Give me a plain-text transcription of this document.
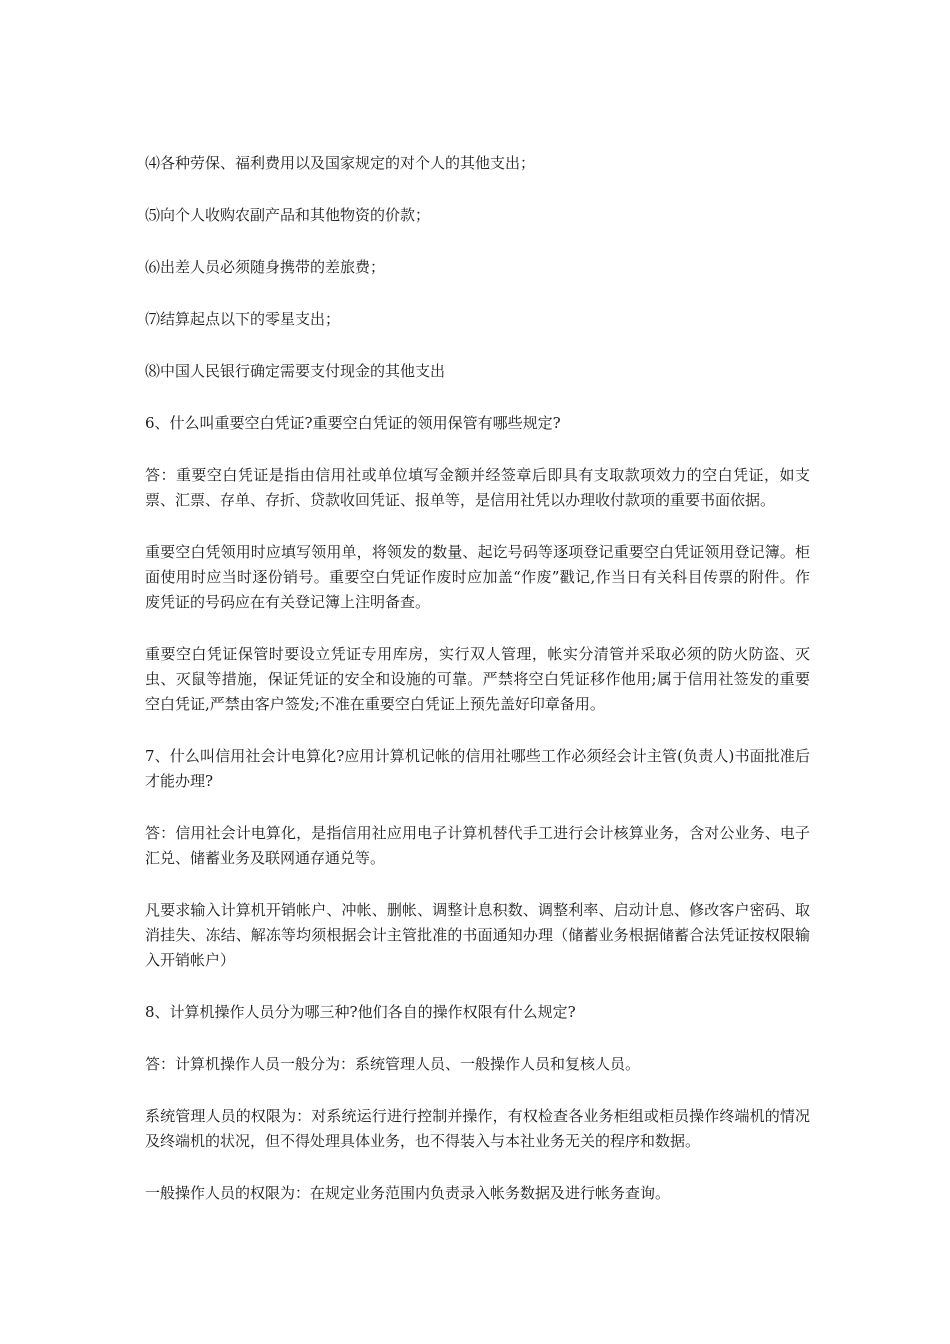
⑷各种劳保、福利费用以及国家规定的对个人的其他支出；

⑸向个人收购农副产品和其他物资的价款；

⑹出差人员必须随身携带的差旅费；

⑺结算起点以下的零星支出；

⑻中国人民银行确定需要支付现金的其他支出

6、什么叫重要空白凭证?重要空白凭证的领用保管有哪些规定?

答：重要空白凭证是指由信用社或单位填写金额并经签章后即具有支取款项效力的空白凭证，如支票、汇票、存单、存折、贷款收回凭证、报单等，是信用社凭以办理收付款项的重要书面依据。

重要空白凭领用时应填写领用单，将领发的数量、起讫号码等逐项登记重要空白凭证领用登记簿。柜面使用时应当时逐份销号。重要空白凭证作废时应加盖“作废”戳记,作当日有关科目传票的附件。作废凭证的号码应在有关登记簿上注明备查。

重要空白凭证保管时要设立凭证专用库房，实行双人管理，帐实分清管并采取必须的防火防盗、灭虫、灭鼠等措施，保证凭证的安全和设施的可靠。严禁将空白凭证移作他用;属于信用社签发的重要空白凭证,严禁由客户签发;不准在重要空白凭证上预先盖好印章备用。

7、什么叫信用社会计电算化?应用计算机记帐的信用社哪些工作必须经会计主管(负责人)书面批准后才能办理?

答：信用社会计电算化，是指信用社应用电子计算机替代手工进行会计核算业务，含对公业务、电子汇兑、储蓄业务及联网通存通兑等。

凡要求输入计算机开销帐户、冲帐、删帐、调整计息积数、调整利率、启动计息、修改客户密码、取消挂失、冻结、解冻等均须根据会计主管批准的书面通知办理（储蓄业务根据储蓄合法凭证按权限输入开销帐户）

8、计算机操作人员分为哪三种?他们各自的操作权限有什么规定?

答：计算机操作人员一般分为：系统管理人员、一般操作人员和复核人员。

系统管理人员的权限为：对系统运行进行控制并操作，有权检查各业务柜组或柜员操作终端机的情况及终端机的状况，但不得处理具体业务，也不得装入与本社业务无关的程序和数据。

一般操作人员的权限为：在规定业务范围内负责录入帐务数据及进行帐务查询。
